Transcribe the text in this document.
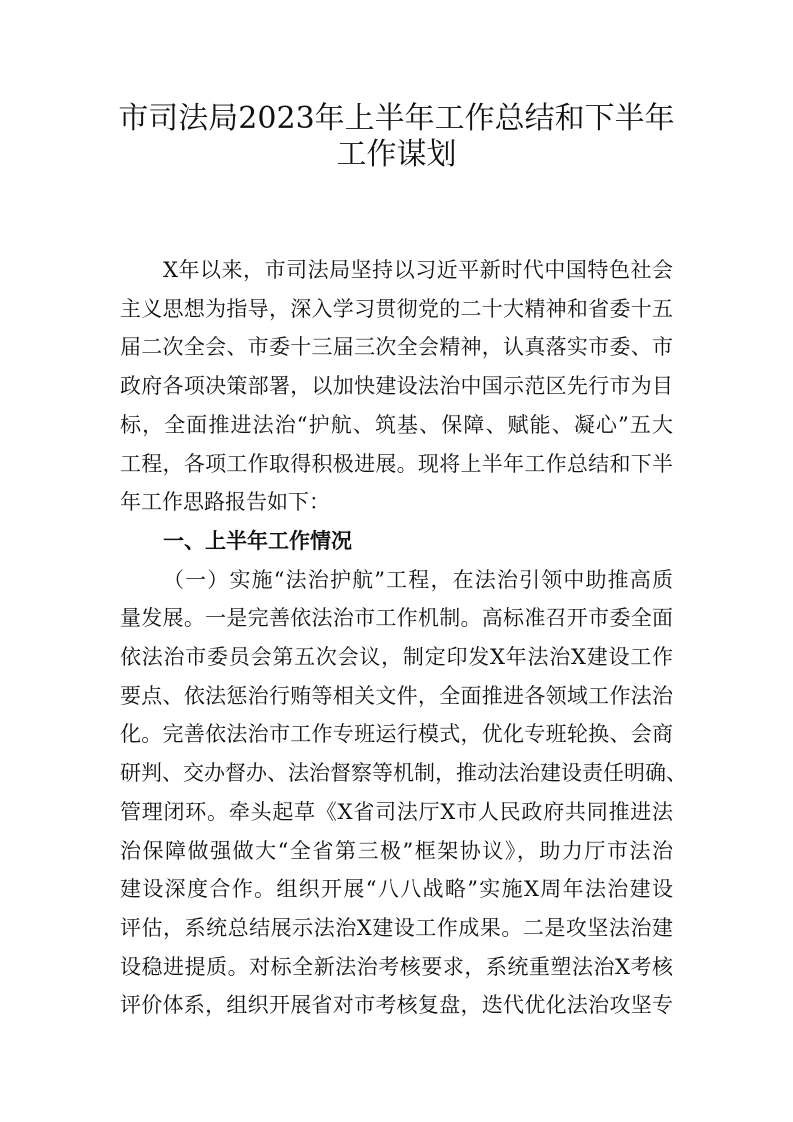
市司法局2023年上半年工作总结和下半年
工作谋划
X年以来，市司法局坚持以习近平新时代中国特色社会
主义思想为指导，深入学习贯彻党的二十大精神和省委十五
届二次全会、市委十三届三次全会精神，认真落实市委、市
政府各项决策部署，以加快建设法治中国示范区先行市为目
标，全面推进法治“护航、筑基、保障、赋能、凝心”五大
工程，各项工作取得积极进展。现将上半年工作总结和下半
年工作思路报告如下：
一、上半年工作情况
（一）实施“法治护航”工程，在法治引领中助推高质
量发展。一是完善依法治市工作机制。高标准召开市委全面
依法治市委员会第五次会议，制定印发X年法治X建设工作
要点、依法惩治行贿等相关文件，全面推进各领域工作法治
化。完善依法治市工作专班运行模式，优化专班轮换、会商
研判、交办督办、法治督察等机制，推动法治建设责任明确、
管理闭环。牵头起草《X省司法厅X市人民政府共同推进法
治保障做强做大“全省第三极”框架协议》，助力厅市法治
建设深度合作。组织开展“八八战略”实施X周年法治建设
评估，系统总结展示法治X建设工作成果。二是攻坚法治建
设稳进提质。对标全新法治考核要求，系统重塑法治X考核
评价体系，组织开展省对市考核复盘，迭代优化法治攻坚专
